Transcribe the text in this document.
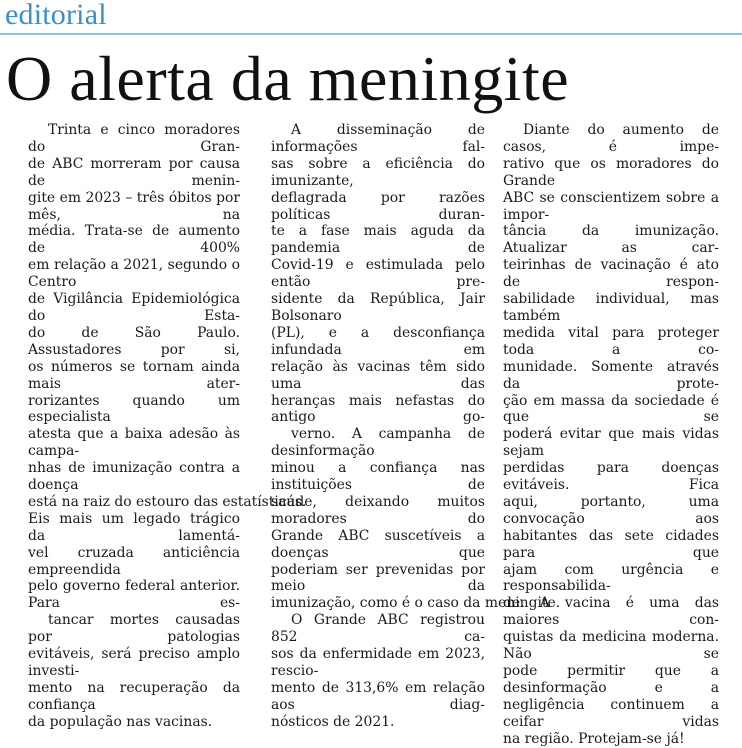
editorial
O alerta da meningite
Trinta e cinco moradores do Gran-
de ABC morreram por causa de menin-
gite em 2023 – três óbitos por mês, na
média. Trata-se de aumento de 400%
em relação a 2021, segundo o Centro
de Vigilância Epidemiológica do Esta-
do de São Paulo. Assustadores por si,
os números se tornam ainda mais ater-
rorizantes quando um especialista
atesta que a baixa adesão às campa-
nhas de imunização contra a doença
está na raiz do estouro das estatísticas.
Eis mais um legado trágico da lamentá-
vel cruzada anticiência empreendida
pelo governo federal anterior. Para es-
tancar mortes causadas por patologias
evitáveis, será preciso amplo investi-
mento na recuperação da confiança
da população nas vacinas.
A disseminação de informações fal-
sas sobre a eficiência do imunizante,
deflagrada por razões políticas duran-
te a fase mais aguda da pandemia de
Covid-19 e estimulada pelo então pre-
sidente da República, Jair Bolsonaro
(PL), e a desconfiança infundada em
relação às vacinas têm sido uma das
heranças mais nefastas do antigo go-
verno. A campanha de desinformação
minou a confiança nas instituições de
saúde, deixando muitos moradores do
Grande ABC suscetíveis a doenças que
poderiam ser prevenidas por meio da
imunização, como é o caso da meningite.
O Grande ABC registrou 852 ca-
sos da enfermidade em 2023, rescio-
mento de 313,6% em relação aos diag-
nósticos de 2021.
Diante do aumento de casos, é impe-
rativo que os moradores do Grande
ABC se conscientizem sobre a impor-
tância da imunização. Atualizar as car-
teirinhas de vacinação é ato de respon-
sabilidade individual, mas também
medida vital para proteger toda a co-
munidade. Somente através da prote-
ção em massa da sociedade é que se
poderá evitar que mais vidas sejam
perdidas para doenças evitáveis. Fica
aqui, portanto, uma convocação aos
habitantes das sete cidades para que
ajam com urgência e responsabilida-
de. A vacina é uma das maiores con-
quistas da medicina moderna. Não se
pode permitir que a desinformação e a
negligência continuem a ceifar vidas
na região. Protejam-se já!
